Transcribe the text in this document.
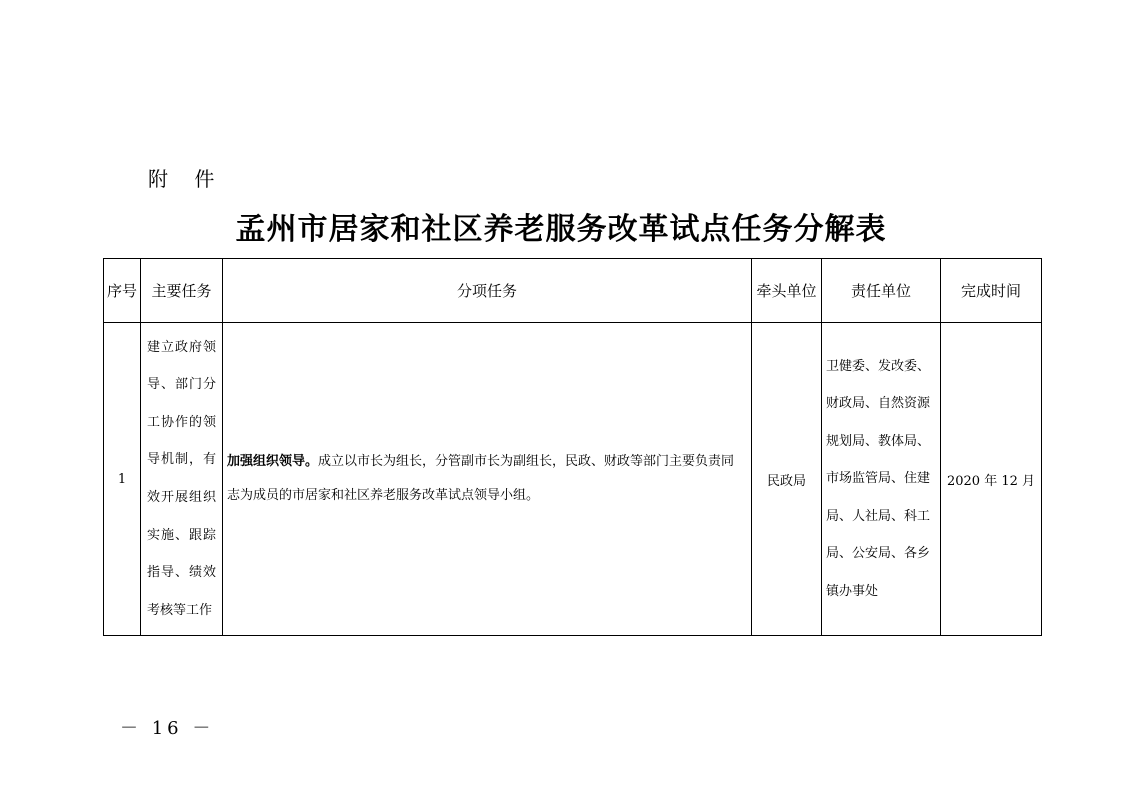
附 件
孟州市居家和社区养老服务改革试点任务分解表
序号	主要任务	分项任务	牵头单位	责任单位	完成时间
1	建立政府领导、部门分工协作的领导机制，有效开展组织实施、跟踪指导、绩效考核等工作	加强组织领导。成立以市长为组长，分管副市长为副组长，民政、财政等部门主要负责同志为成员的市居家和社区养老服务改革试点领导小组。	民政局	卫健委、发改委、财政局、自然资源规划局、教体局、市场监管局、住建局、人社局、科工局、公安局、各乡镇办事处	2020 年 12 月
－ 16 －
